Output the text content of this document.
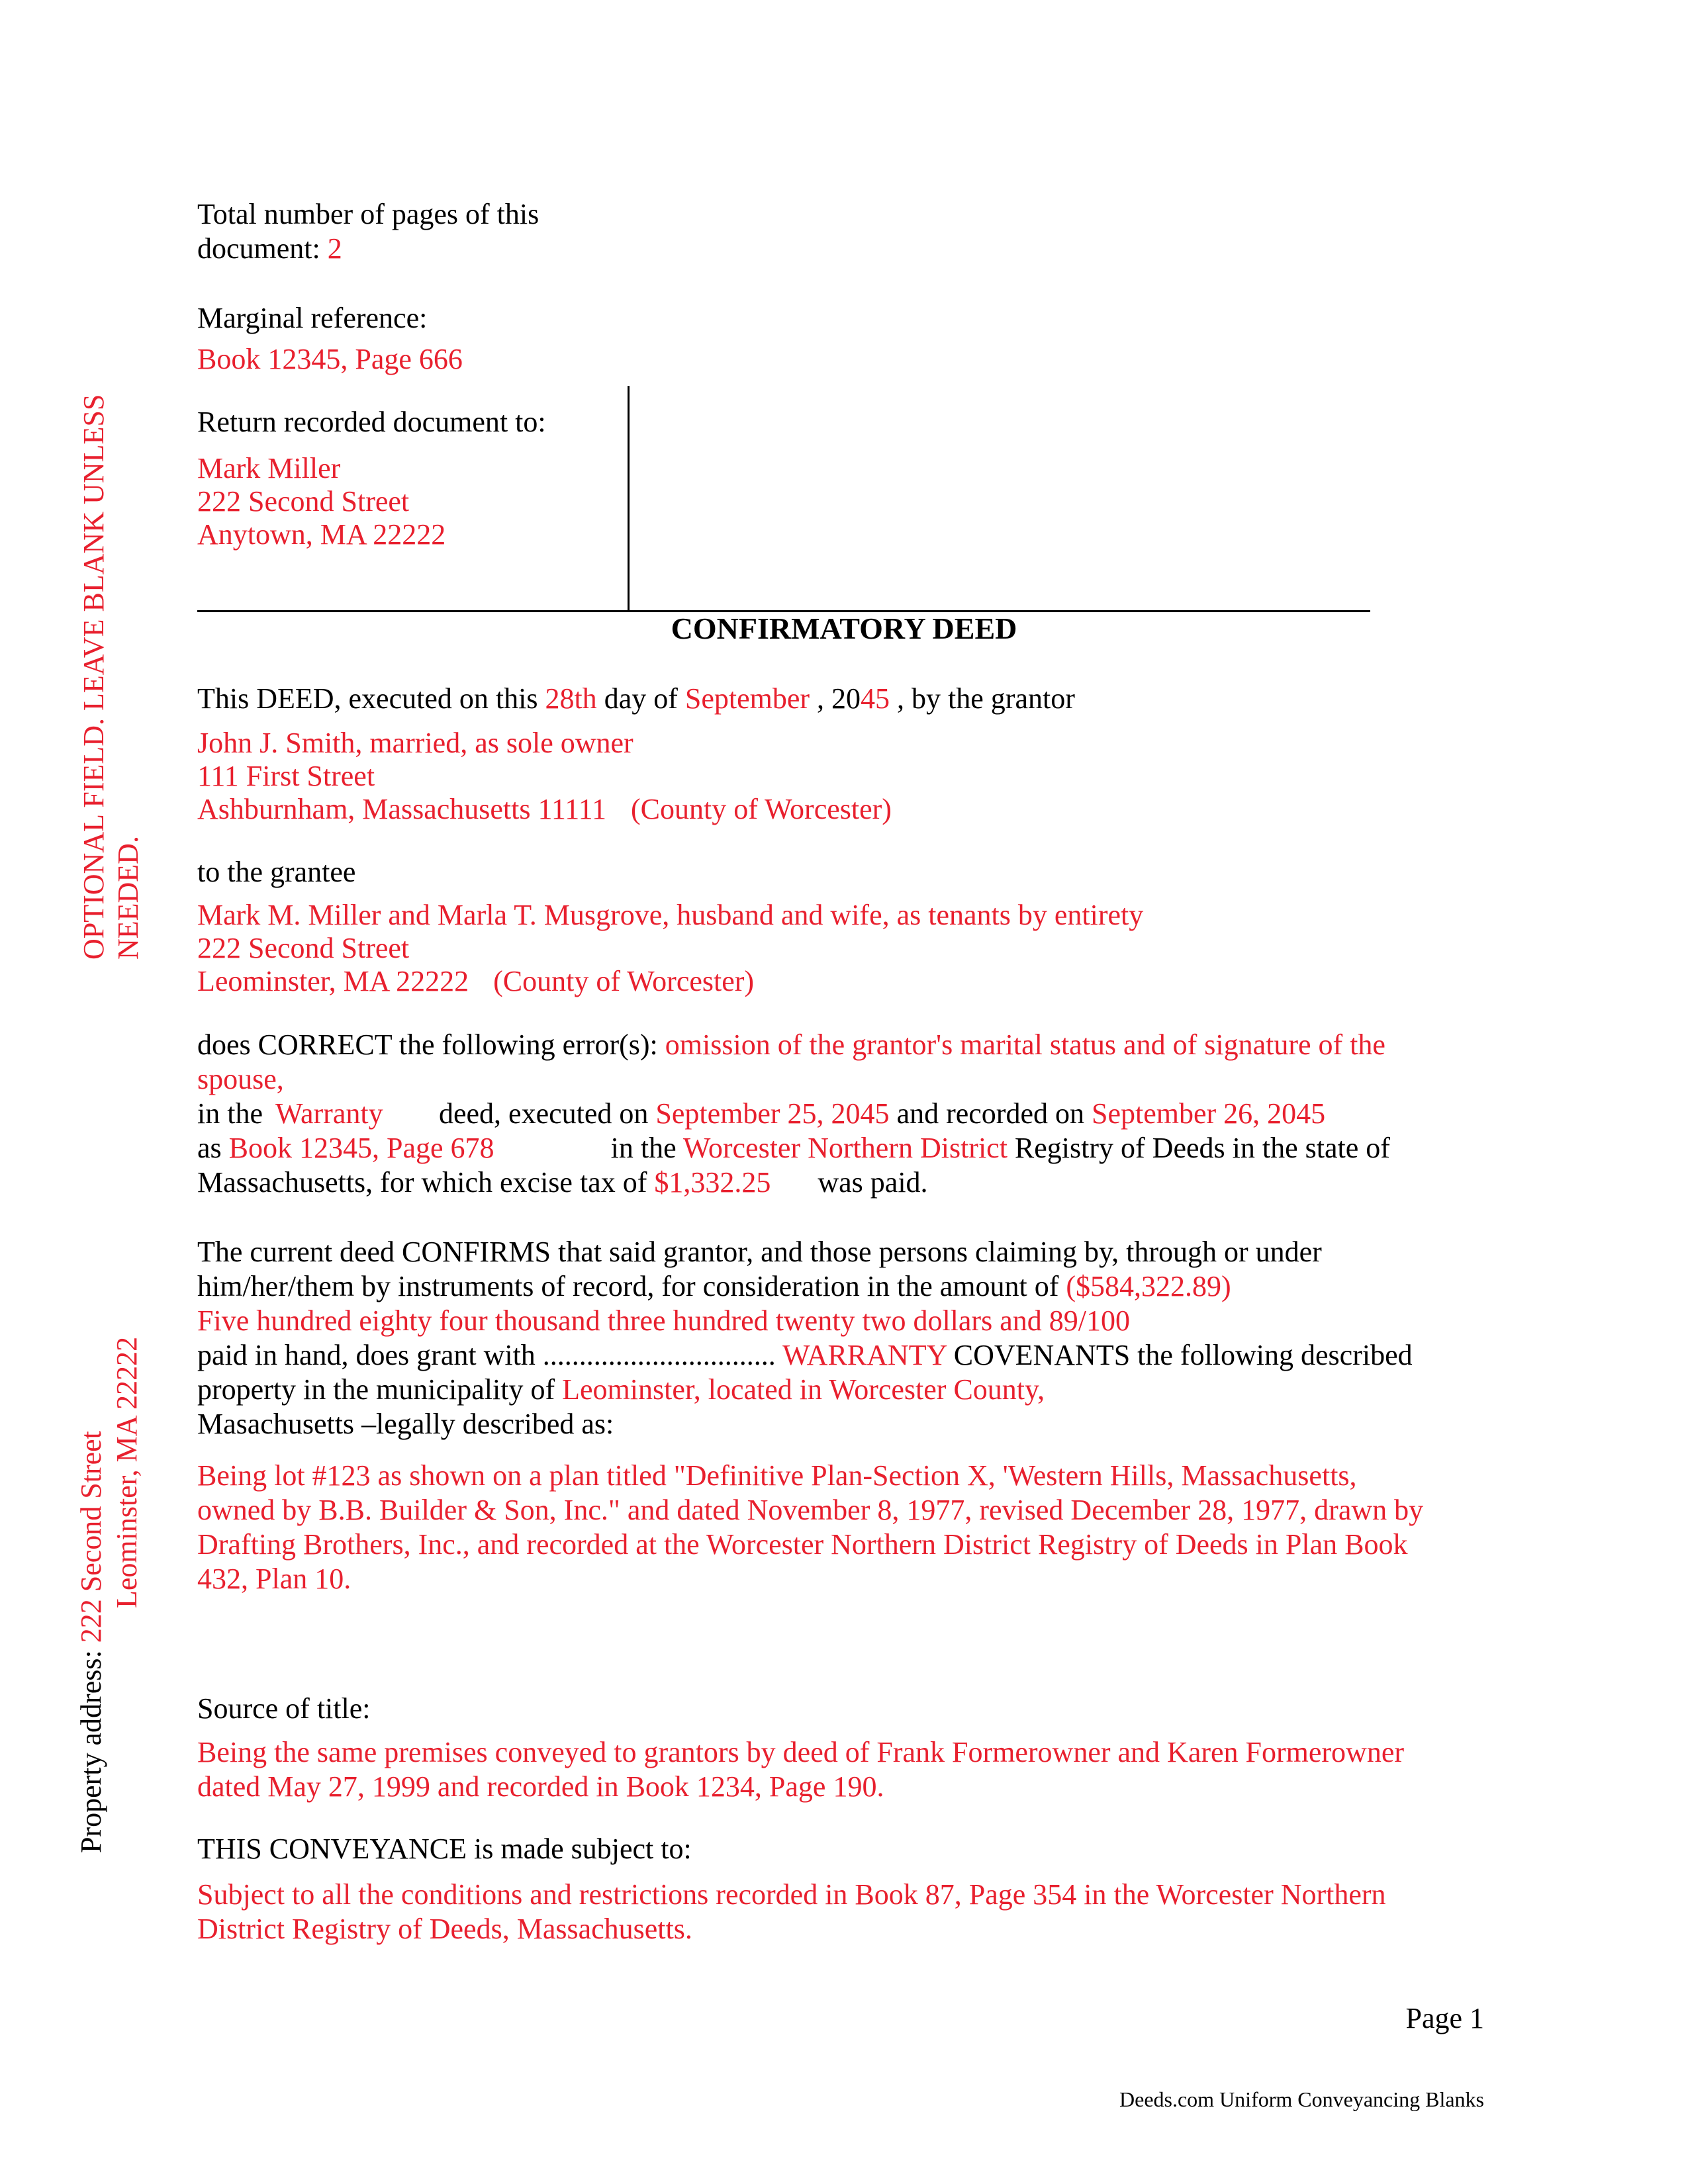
Total number of pages of this
document: 2
Marginal reference:
Book 12345, Page 666
Return recorded document to:
Mark Miller
222 Second Street
Anytown, MA 22222
CONFIRMATORY DEED
OPTIONAL FIELD. LEAVE BLANK UNLESS NEEDED.
Property address: 222 Second Street Leominster, MA 22222
This DEED, executed on this 28th day of September , 2045 , by the grantor
John J. Smith, married, as sole owner
111 First Street
Ashburnham, Massachusetts 11111 (County of Worcester)
to the grantee
Mark M. Miller and Marla T. Musgrove, husband and wife, as tenants by entirety
222 Second Street
Leominster, MA 22222 (County of Worcester)
does CORRECT the following error(s): omission of the grantor's marital status and of signature of the
spouse,
in the Warranty deed, executed on September 25, 2045 and recorded on September 26, 2045
as Book 12345, Page 678	in the Worcester Northern District Registry of Deeds in the state of
Massachusetts, for which excise tax of $1,332.25 was paid.
The current deed CONFIRMS that said grantor, and those persons claiming by, through or under
him/her/them by instruments of record, for consideration in the amount of ($584,322.89)
Five hundred eighty four thousand three hundred twenty two dollars and 89/100
paid in hand, does grant with ................................ WARRANTY COVENANTS the following described
property in the municipality of Leominster, located in Worcester County,
Masachusetts –legally described as:
Being lot #123 as shown on a plan titled "Definitive Plan-Section X, 'Western Hills, Massachusetts,
owned by B.B. Builder & Son, Inc." and dated November 8, 1977, revised December 28, 1977, drawn by
Drafting Brothers, Inc., and recorded at the Worcester Northern District Registry of Deeds in Plan Book
432, Plan 10.
Source of title:
Being the same premises conveyed to grantors by deed of Frank Formerowner and Karen Formerowner
dated May 27, 1999 and recorded in Book 1234, Page 190.
THIS CONVEYANCE is made subject to:
Subject to all the conditions and restrictions recorded in Book 87, Page 354 in the Worcester Northern
District Registry of Deeds, Massachusetts.
Page 1
Deeds.com Uniform Conveyancing Blanks
